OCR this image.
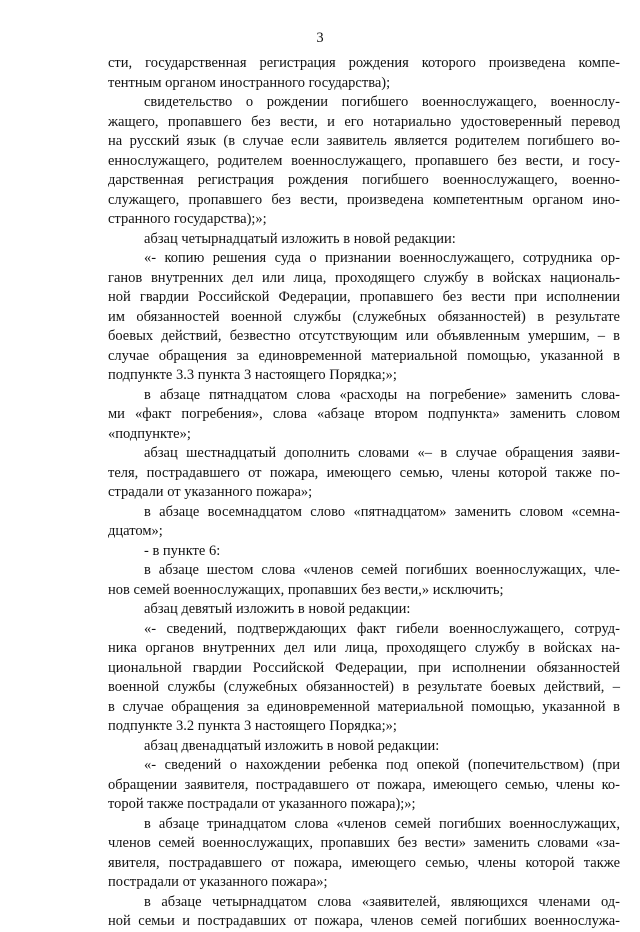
3
сти, государственная регистрация рождения которого произведена компе-
тентным органом иностранного государства);
свидетельство о рождении погибшего военнослужащего, военнослу-
жащего, пропавшего без вести, и его нотариально удостоверенный перевод
на русский язык (в случае если заявитель является родителем погибшего во-
еннослужащего, родителем военнослужащего, пропавшего без вести, и госу-
дарственная регистрация рождения погибшего военнослужащего, военно-
служащего, пропавшего без вести, произведена компетентным органом ино-
странного государства);»;
абзац четырнадцатый изложить в новой редакции:
«- копию решения суда о признании военнослужащего, сотрудника ор-
ганов внутренних дел или лица, проходящего службу в войсках националь-
ной гвардии Российской Федерации, пропавшего без вести при исполнении
им обязанностей военной службы (служебных обязанностей) в результате
боевых действий, безвестно отсутствующим или объявленным умершим, – в
случае обращения за единовременной материальной помощью, указанной в
подпункте 3.3 пункта 3 настоящего Порядка;»;
в абзаце пятнадцатом слова «расходы на погребение» заменить слова-
ми «факт погребения», слова «абзаце втором подпункта» заменить словом
«подпункте»;
абзац шестнадцатый дополнить словами «– в случае обращения заяви-
теля, пострадавшего от пожара, имеющего семью, члены которой также по-
страдали от указанного пожара»;
в абзаце восемнадцатом слово «пятнадцатом» заменить словом «семна-
дцатом»;
- в пункте 6:
в абзаце шестом слова «членов семей погибших военнослужащих, чле-
нов семей военнослужащих, пропавших без вести,» исключить;
абзац девятый изложить в новой редакции:
«- сведений, подтверждающих факт гибели военнослужащего, сотруд-
ника органов внутренних дел или лица, проходящего службу в войсках на-
циональной гвардии Российской Федерации, при исполнении обязанностей
военной службы (служебных обязанностей) в результате боевых действий, –
в случае обращения за единовременной материальной помощью, указанной в
подпункте 3.2 пункта 3 настоящего Порядка;»;
абзац двенадцатый изложить в новой редакции:
«- сведений о нахождении ребенка под опекой (попечительством) (при
обращении заявителя, пострадавшего от пожара, имеющего семью, члены ко-
торой также пострадали от указанного пожара);»;
в абзаце тринадцатом слова «членов семей погибших военнослужащих,
членов семей военнослужащих, пропавших без вести» заменить словами «за-
явителя, пострадавшего от пожара, имеющего семью, члены которой также
пострадали от указанного пожара»;
в абзаце четырнадцатом слова «заявителей, являющихся членами од-
ной семьи и пострадавших от пожара, членов семей погибших военнослужа-
